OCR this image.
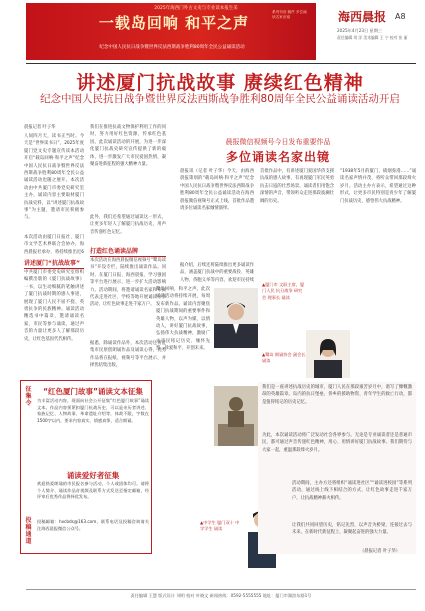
2025年海西门外古文史与专业读本报生采
一载岛回响 和平之声
纪念中国人民抗日战争暨世界反法西斯战争胜利80周年全民公益诵读活动
系列刊登 稿件 多位诵读名家出镜	海西晨报 A8
2025年4月23日 星期三
责任编辑 刘 洋 美术编辑 王 宁 校对 张 丽
讲述厦门抗战故事 赓续红色精神
纪念中国人民抗日战争暨世界反法西斯战争胜利80周年全民公益诵读活动开启
晨报记者 叶子华
人间四月天，读书正当时。今天是“世界读书日”，2025年度厦门党文史专题宣传读本活动开启“载岛回响·和平之声”纪念中国人民抗日战争暨世界反法西斯战争胜利80周年全民公益诵读活动也随之展开。本次活动由中共厦门市委党史研究室主办，诵读内容主要取材厦门抗战史料，以“讲述厦门抗战故事”为主题，邀请市民积极参与。
本次活动由厦门日报社、厦门市文学艺术界联合会协办，海西晨报社承办，将持续推出近6
讲述厦门“抗战故事”
中共厦门市委党史研究室组织编撰出版的《厦门抗战故事》一书，以生动细腻的笔触讲述了厦门抗战时期的感人事迹，展现了厦门人民不屈不挠、英勇抗争的民族精神。诵读活动精选书中篇章，邀请诵读名家、市民等参与诵读，通过声音的力量让更多人了解那段历史，让红色基因代代相传。
我们在推进抗战文物保护利用工作的同时，努力用好红色资源，传承红色基因。此次诵读活动的开展，为进一步深化厦门抗战史研究宣传提供了新的载体，进一步激发广大市民爱国热情，凝聚奋进新征程的强大精神力量。
此外，我们还希望通过诵读这一形式，让更多年轻人了解厦门抗战历史，用声音传递红色记忆。
打造红色诵读品牌
本次活动在海西晨报微信视频号“鹭岛读书”开设专栏，陆续推出诵读作品。同时，在厦门日报、海西晨报、学习强国等平台进行展示，进一步扩大活动影响力。活动期间，将邀请诵读名家和市民代表走进社区、学校等地开展诵读分享活动，让红色故事走进千家万户。
据悉，除诵读作品外，本次活动还将征集市民原创朗诵作品及诵读心得，优秀作品将在报纸、视频号等平台展示，并择优结集出版。
晨报微信视频号今日发布重要作品
多位诵读名家出镜
晨报讯（记者 叶子华）今天，由海西晨报策划的“载岛回响·和平之声”纪念中国人民抗日战争暨世界反法西斯战争胜利80周年全民公益诵读活动在海西晨报微信视频号正式上线，首批作品邀请多位诵读名家倾情演绎。
首批作品中，有讲述厦门爱国华侨支援抗战的感人故事，有再现厦门军民英勇抗击日寇的壮烈场景，诵读者们用饱含深情的声音，带领听众走进那段波澜壮阔的历史。
“1938年5月的厦门，硝烟弥漫……”诵读名家声情并茂，将听众带回那段烽火岁月。活动主办方表示，希望通过这种形式，让更多市民特别是青少年了解厦门抗战历史，感悟伟大抗战精神。
据介绍，后续还将陆续推出更多诵读作品，涵盖厦门抗战中的重要战役、英雄人物、侨胞义举等内容，欢迎市民持续
▲厦门市 文联主席，厦门人民 抗日战争 研究会 理事长 诵读
▲鹭岛 朗诵协会 副会长 诵读
▲中学生 厦门双十 中学学生 诵读
征集令
“红色厦门故事”诵读文本征集
为丰富活动内容，现面向社会公开征集“红色厦门故事”诵读文本。作品内容须紧扣厦门抗战历史，可以是亲历者讲述、家族记忆、人物故事、革命遗址介绍等，体裁不限，字数在1500字以内，要求内容真实、情感真挚、适合朗诵。
诵读爱好者征集
欢迎热爱朗诵的市民报名参与活动，个人或团体均可。请将个人简介、诵读作品音视频及联系方式发送至指定邮箱，经评审后优秀作品将择优发布。
投稿通道
投稿邮箱：hxcbds@163.com，联系电话及投稿咨询请关注海西晨报微信公众号。
鹭岛回响，和平之声。此次诵读活动将持续开展，每周发布新作品。诵读内容聚焦厦门抗战期间的重要事件和英雄人物，以声为媒、以情动人，讲好厦门抗战故事，弘扬伟大抗战精神，激励广大市民铭记历史、缅怀先烈、珍爱和平、开创未来。
我们是一座讲述抗战历史的城市，厦门人民在那段艰苦岁月中，谱写了慷慨激昂的英雄篇章。岛内的抗日堡垒、侨乡的援助物资、青年学生的救亡行动，都是值得铭记的历史记忆。
为此，本次诵读活动将广泛发动社会各界参与。无论是专业诵读者还是普通市民，都可通过声音传递红色精神，用心、用情讲好厦门抗战故事。我们期待与大家一起，重温那段烽火岁月。
活动期间，主办方还将组织“诵读进社区”“诵读进校园”等系列活动，通过线上线下相结合的方式，让红色故事走进千家万户，让抗战精神薪火相传。
让我们共同回望历史，铭记先烈，以声音为桥梁，连接过去与未来，在新时代新征程上，凝聚起奋进的强大力量。
（晨报记者 叶子华）
责任编辑 王慧 版式设计 刘明 校对 叶晓文 新闻热线：0592-5555555 地址：厦门市湖滨东路1号
